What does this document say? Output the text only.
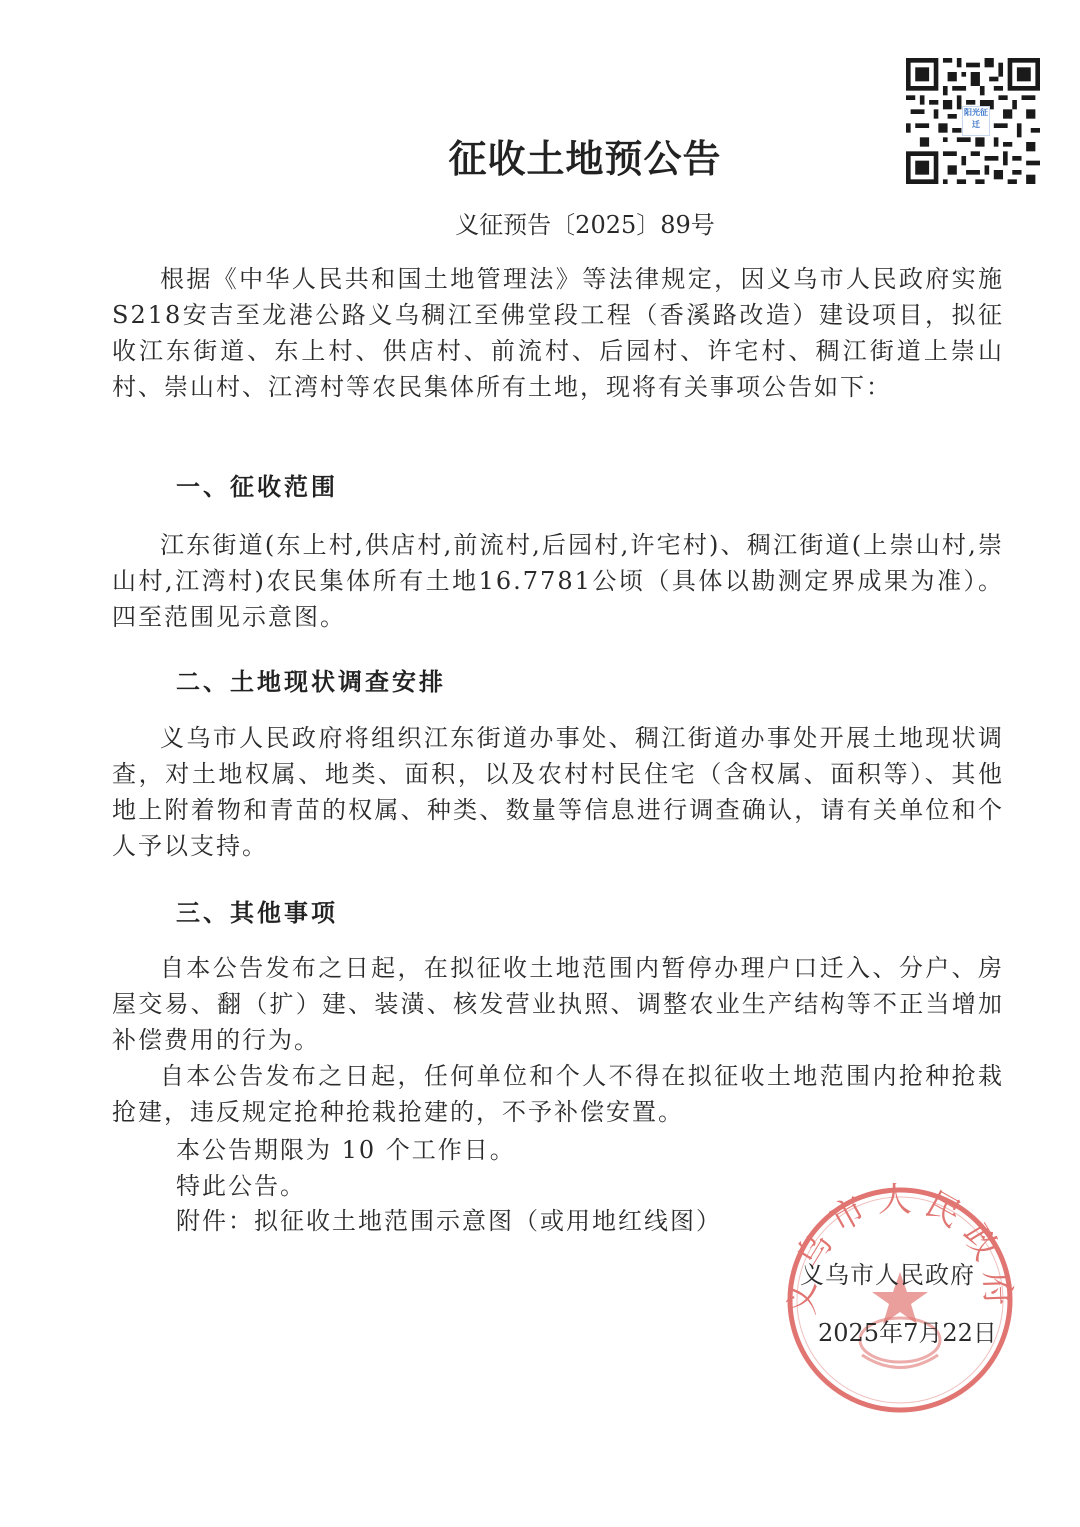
阳光征迁
征收土地预公告

义征预告〔2025〕89号

根据《中华人民共和国土地管理法》等法律规定，因义乌市人民政府实施S218安吉至龙港公路义乌稠江至佛堂段工程（香溪路改造）建设项目，拟征收江东街道、东上村、供店村、前流村、后园村、许宅村、稠江街道上崇山村、崇山村、江湾村等农民集体所有土地，现将有关事项公告如下：

一、征收范围

江东街道(东上村,供店村,前流村,后园村,许宅村)、稠江街道(上崇山村,崇山村,江湾村)农民集体所有土地16.7781公顷（具体以勘测定界成果为准）。四至范围见示意图。

二、土地现状调查安排

义乌市人民政府将组织江东街道办事处、稠江街道办事处开展土地现状调查，对土地权属、地类、面积，以及农村村民住宅（含权属、面积等）、其他地上附着物和青苗的权属、种类、数量等信息进行调查确认，请有关单位和个人予以支持。

三、其他事项

自本公告发布之日起，在拟征收土地范围内暂停办理户口迁入、分户、房屋交易、翻（扩）建、装潢、核发营业执照、调整农业生产结构等不正当增加补偿费用的行为。

自本公告发布之日起，任何单位和个人不得在拟征收土地范围内抢种抢栽抢建，违反规定抢种抢栽抢建的，不予补偿安置。

本公告期限为 10 个工作日。

特此公告。

附件：拟征收土地范围示意图（或用地红线图）

义乌市人民政府

义乌市人民政府

2025年7月22日
